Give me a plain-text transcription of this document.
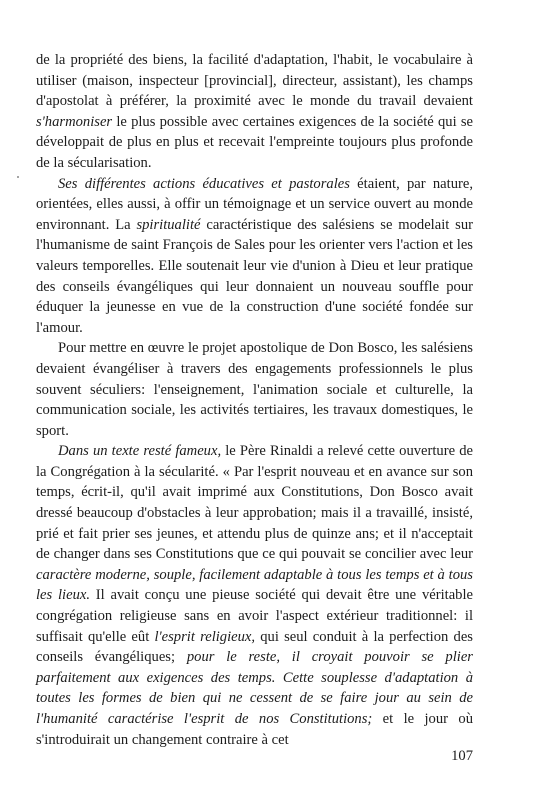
de la propriété des biens, la facilité d'adaptation, l'habit, le vocabulaire à utiliser (maison, inspecteur [provincial], directeur, assistant), les champs d'apostolat à préférer, la proximité avec le monde du travail devaient s'harmoniser le plus possible avec certaines exigences de la société qui se développait de plus en plus et recevait l'empreinte toujours plus profonde de la sécularisation.

Ses différentes actions éducatives et pastorales étaient, par nature, orientées, elles aussi, à offir un témoignage et un service ouvert au monde environnant. La spiritualité caractéristique des salésiens se modelait sur l'humanisme de saint François de Sales pour les orienter vers l'action et les valeurs temporelles. Elle soutenait leur vie d'union à Dieu et leur pratique des conseils évangéliques qui leur donnaient un nouveau souffle pour éduquer la jeunesse en vue de la construction d'une société fondée sur l'amour.

Pour mettre en œuvre le projet apostolique de Don Bosco, les salésiens devaient évangéliser à travers des engagements professionnels le plus souvent séculiers: l'enseignement, l'animation sociale et culturelle, la communication sociale, les activités tertiaires, les travaux domestiques, le sport.

Dans un texte resté fameux, le Père Rinaldi a relevé cette ouverture de la Congrégation à la sécularité. « Par l'esprit nouveau et en avance sur son temps, écrit-il, qu'il avait imprimé aux Constitutions, Don Bosco avait dressé beaucoup d'obstacles à leur approbation; mais il a travaillé, insisté, prié et fait prier ses jeunes, et attendu plus de quinze ans; et il n'acceptait de changer dans ses Constitutions que ce qui pouvait se concilier avec leur caractère moderne, souple, facilement adaptable à tous les temps et à tous les lieux. Il avait conçu une pieuse société qui devait être une véritable congrégation religieuse sans en avoir l'aspect extérieur traditionnel: il suffisait qu'elle eût l'esprit religieux, qui seul conduit à la perfection des conseils évangéliques; pour le reste, il croyait pouvoir se plier parfaitement aux exigences des temps. Cette souplesse d'adaptation à toutes les formes de bien qui ne cessent de se faire jour au sein de l'humanité caractérise l'esprit de nos Constitutions; et le jour où s'introduirait un changement contraire à cet

107
